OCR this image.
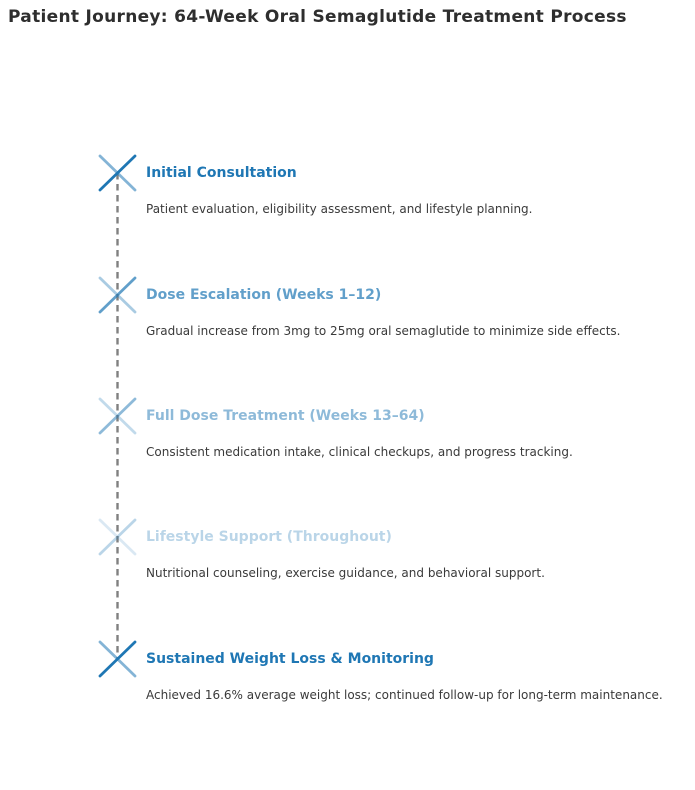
Patient Journey: 64-Week Oral Semaglutide Treatment Process
Initial Consultation
Patient evaluation, eligibility assessment, and lifestyle planning.
Dose Escalation (Weeks 1–12)
Gradual increase from 3mg to 25mg oral semaglutide to minimize side effects.
Full Dose Treatment (Weeks 13–64)
Consistent medication intake, clinical checkups, and progress tracking.
Lifestyle Support (Throughout)
Nutritional counseling, exercise guidance, and behavioral support.
Sustained Weight Loss & Monitoring
Achieved 16.6% average weight loss; continued follow-up for long-term maintenance.
